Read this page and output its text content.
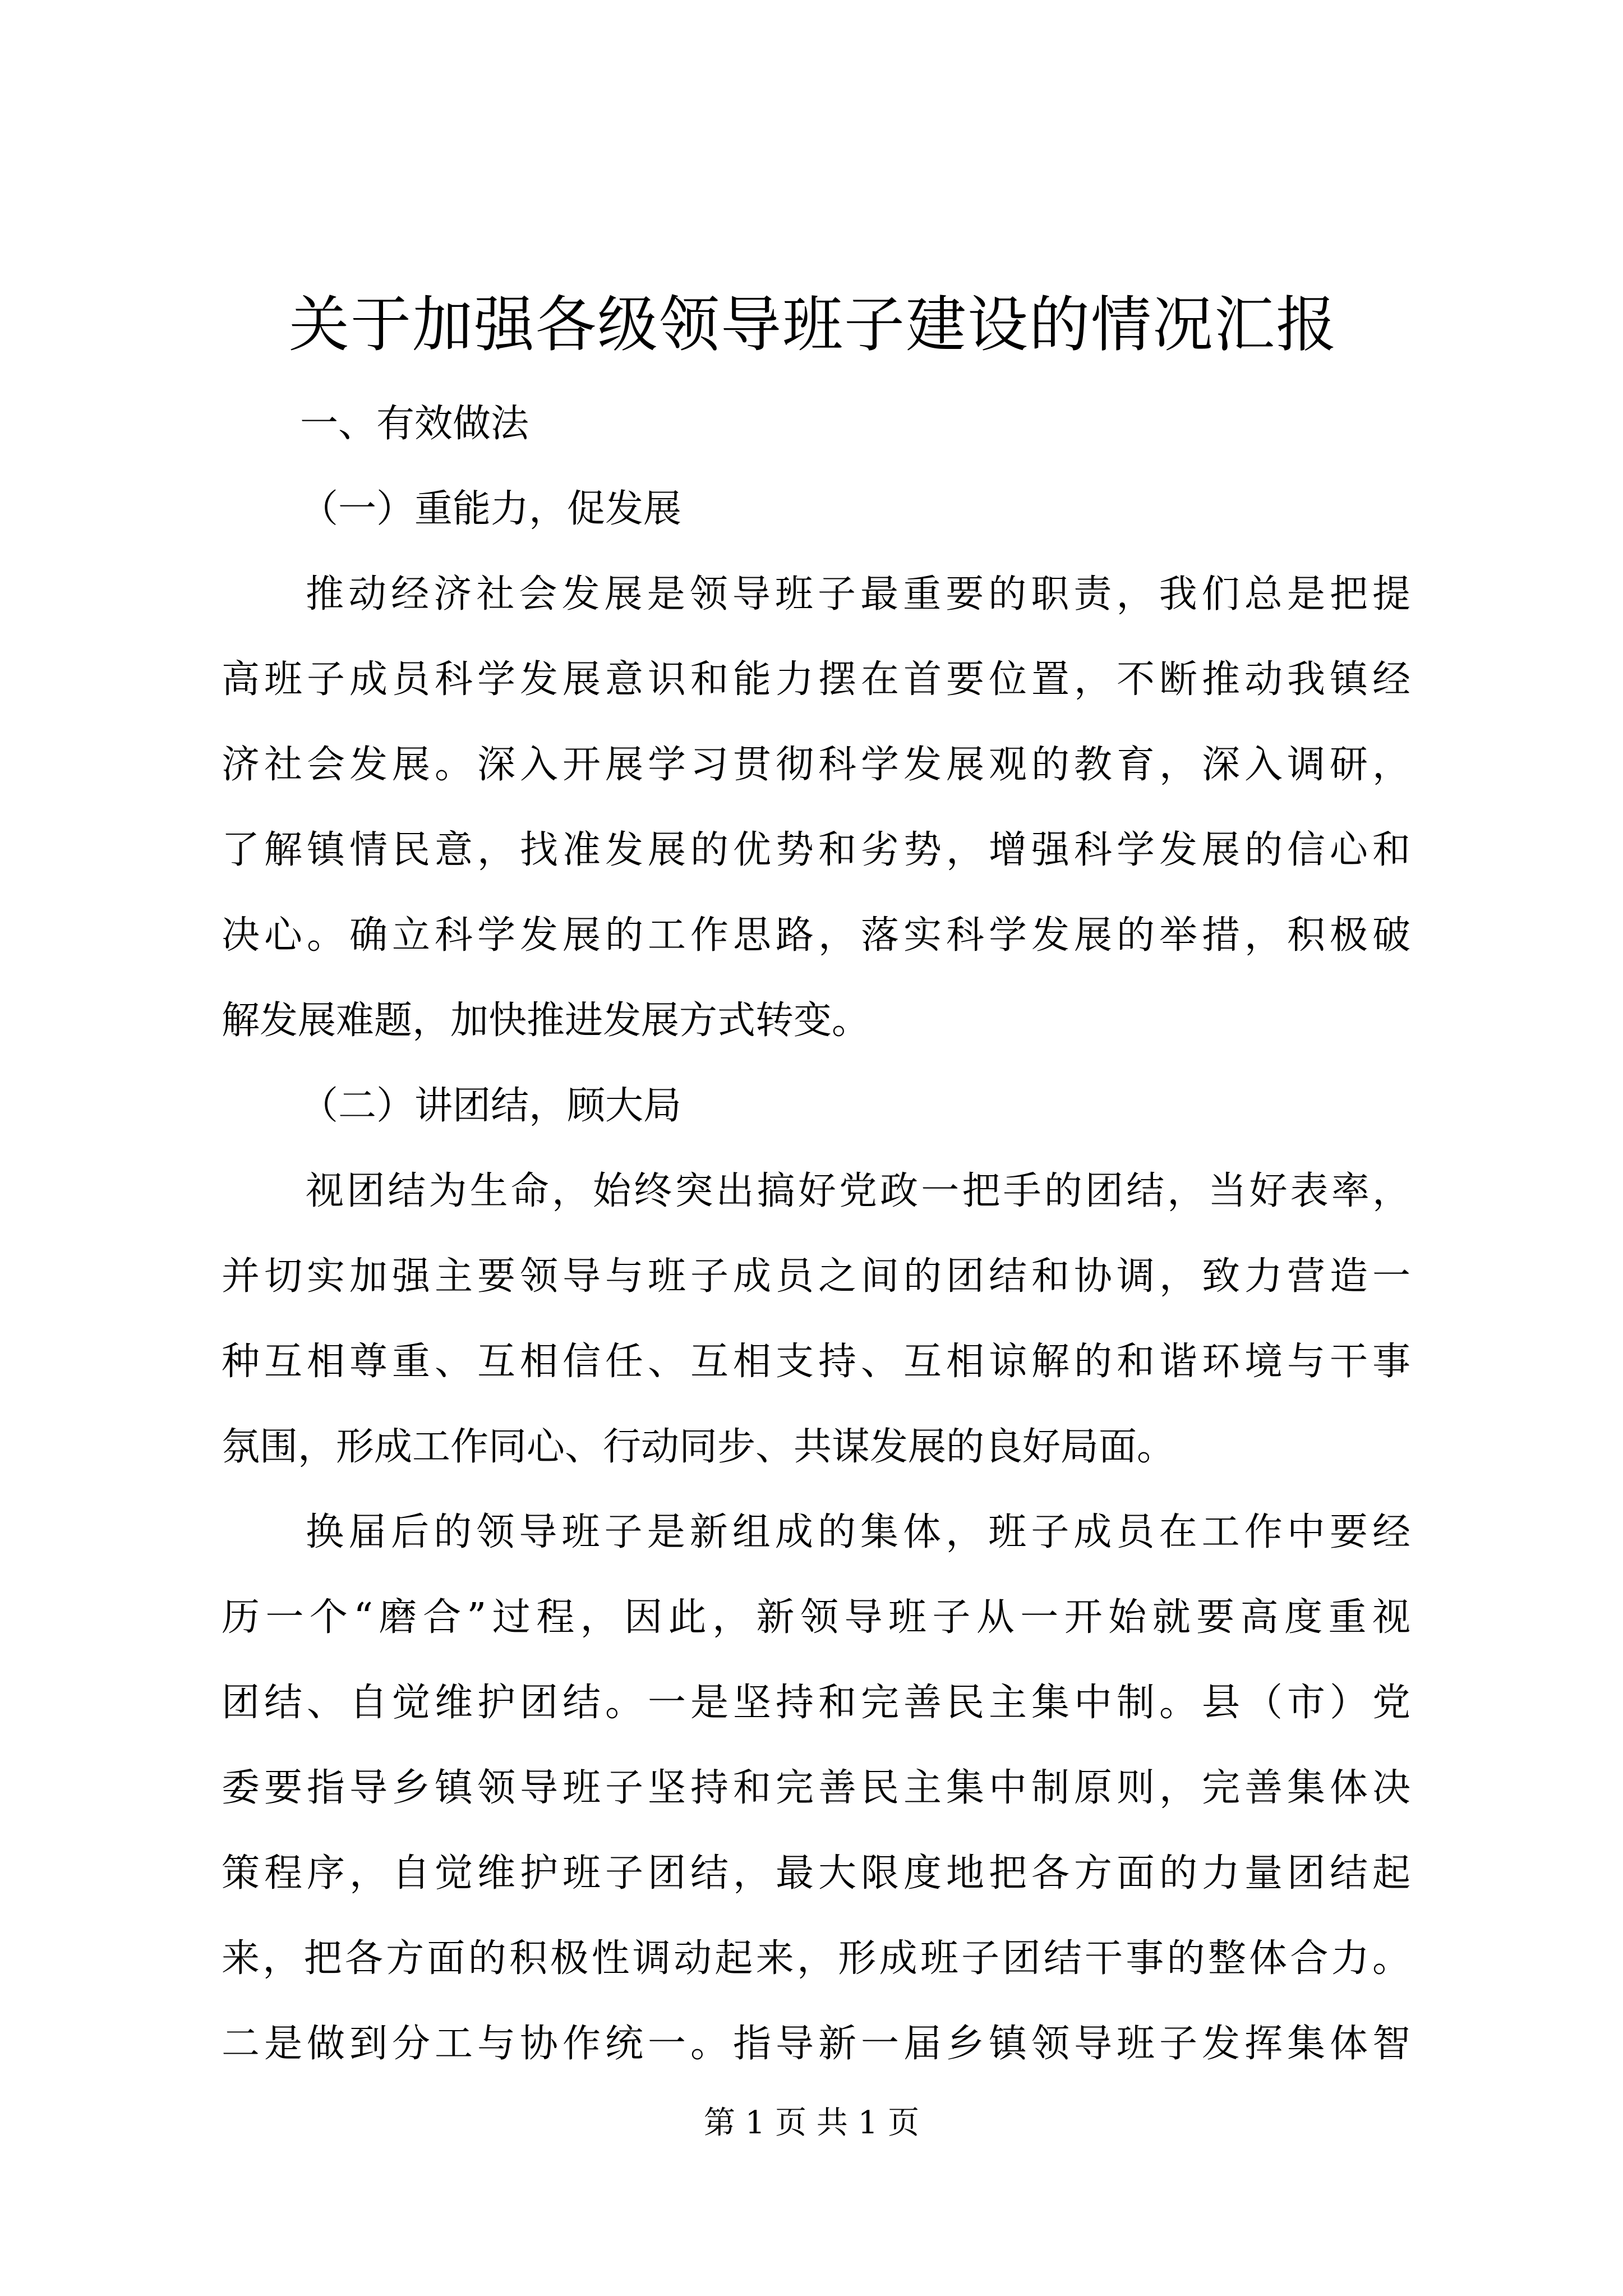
关于加强各级领导班子建设的情况汇报
一、有效做法
（一）重能力，促发展
推动经济社会发展是领导班子最重要的职责，我们总是把提
高班子成员科学发展意识和能力摆在首要位置，不断推动我镇经
济社会发展。深入开展学习贯彻科学发展观的教育，深入调研，
了解镇情民意，找准发展的优势和劣势，增强科学发展的信心和
决心。确立科学发展的工作思路，落实科学发展的举措，积极破
解发展难题，加快推进发展方式转变。
（二）讲团结，顾大局
视团结为生命，始终突出搞好党政一把手的团结，当好表率，
并切实加强主要领导与班子成员之间的团结和协调，致力营造一
种互相尊重、互相信任、互相支持、互相谅解的和谐环境与干事
氛围，形成工作同心、行动同步、共谋发展的良好局面。
换届后的领导班子是新组成的集体，班子成员在工作中要经
历一个“磨合”过程，因此，新领导班子从一开始就要高度重视
团结、自觉维护团结。一是坚持和完善民主集中制。县（市）党
委要指导乡镇领导班子坚持和完善民主集中制原则，完善集体决
策程序，自觉维护班子团结，最大限度地把各方面的力量团结起
来，把各方面的积极性调动起来，形成班子团结干事的整体合力。
二是做到分工与协作统一。指导新一届乡镇领导班子发挥集体智
第 1 页 共 1 页
